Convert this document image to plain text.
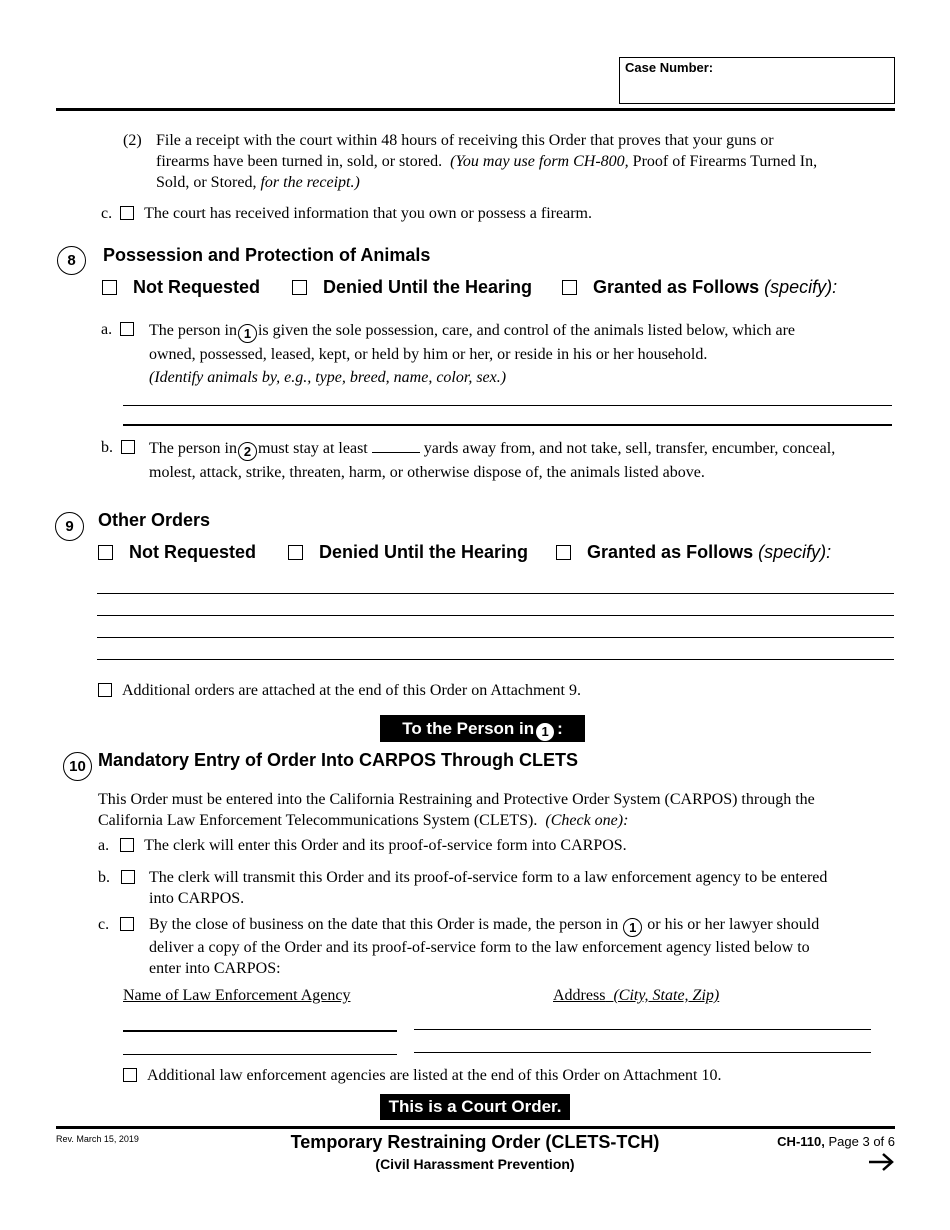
Case Number:
(2) File a receipt with the court within 48 hours of receiving this Order that proves that your guns or
firearms have been turned in, sold, or stored. (You may use form CH-800, Proof of Firearms Turned In,
Sold, or Stored, for the receipt.)
c. The court has received information that you own or possess a firearm.
8	Possession and Protection of Animals
Not Requested	Denied Until the Hearing	Granted as Follows (specify):
a.	The person in 1 is given the sole possession, care, and control of the animals listed below, which are
owned, possessed, leased, kept, or held by him or her, or reside in his or her household.
(Identify animals by, e.g., type, breed, name, color, sex.)
b.	The person in 2 must stay at least	yards away from, and not take, sell, transfer, encumber, conceal,
molest, attack, strike, threaten, harm, or otherwise dispose of, the animals listed above.
9	Other Orders
Not Requested	Denied Until the Hearing	Granted as Follows (specify):
Additional orders are attached at the end of this Order on Attachment 9.
To the Person in 1 :
10 Mandatory Entry of Order Into CARPOS Through CLETS
This Order must be entered into the California Restraining and Protective Order System (CARPOS) through the
California Law Enforcement Telecommunications System (CLETS). (Check one):
a. The clerk will enter this Order and its proof-of-service form into CARPOS.
b.	The clerk will transmit this Order and its proof-of-service form to a law enforcement agency to be entered
into CARPOS.
c.	By the close of business on the date that this Order is made, the person in 1 or his or her lawyer should
deliver a copy of the Order and its proof-of-service form to the law enforcement agency listed below to
enter into CARPOS:
Name of Law Enforcement Agency	Address (City, State, Zip)
Additional law enforcement agencies are listed at the end of this Order on Attachment 10.
This is a Court Order.
Rev. March 15, 2019	Temporary Restraining Order (CLETS-TCH)
(Civil Harassment Prevention)
CH-110, Page 3 of 6
